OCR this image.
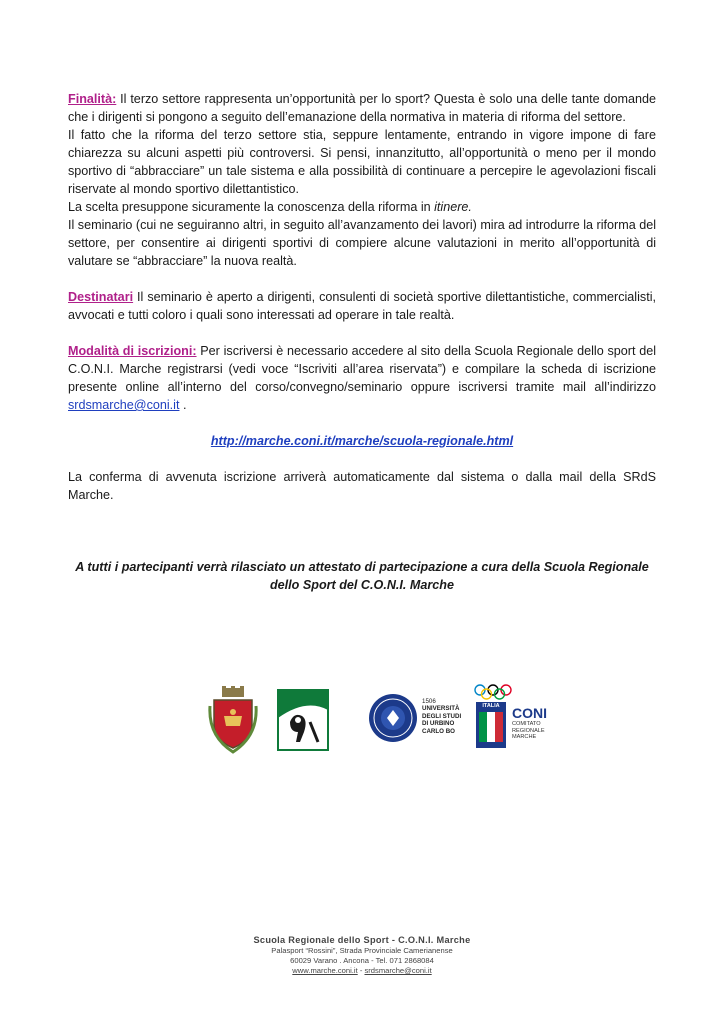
Finalità: Il terzo settore rappresenta un’opportunità per lo sport? Questa è solo una delle tante domande che i dirigenti si pongono a seguito dell’emanazione della normativa in materia di riforma del settore.

Il fatto che la riforma del terzo settore stia, seppure lentamente, entrando in vigore impone di fare chiarezza su alcuni aspetti più controversi. Si pensi, innanzitutto, all’opportunità o meno per il mondo sportivo di “abbracciare” un tale sistema e alla possibilità di continuare a percepire le agevolazioni fiscali riservate al mondo sportivo dilettantistico.

La scelta presuppone sicuramente la conoscenza della riforma in itinere.

Il seminario (cui ne seguiranno altri, in seguito all’avanzamento dei lavori) mira ad introdurre la riforma del settore, per consentire ai dirigenti sportivi di compiere alcune valutazioni in merito all’opportunità di valutare se “abbracciare” la nuova realtà.

Destinatari Il seminario è aperto a dirigenti, consulenti di società sportive dilettantistiche, commercialisti, avvocati e tutti coloro i quali sono interessati ad operare in tale realtà.

Modalità di iscrizioni: Per iscriversi è necessario accedere al sito della Scuola Regionale dello sport del C.O.N.I. Marche registrarsi (vedi voce “Iscriviti all’area riservata”) e compilare la scheda di iscrizione presente online all’interno del corso/convegno/seminario oppure iscriversi tramite mail all’indirizzo srdsmarche@coni.it .

http://marche.coni.it/marche/scuola-regionale.html

La conferma di avvenuta iscrizione arriverà automaticamente dal sistema o dalla mail della SRdS Marche.

A tutti i partecipanti verrà rilasciato un attestato di partecipazione a cura della Scuola Regionale dello Sport del C.O.N.I. Marche

1506
UNIVERSITÀ
DEGLI STUDI
DI URBINO
CARLO BO
ITALIA CONI
COMITATO
REGIONALE
MARCHE
Scuola Regionale dello Sport - C.O.N.I. Marche
Palasport “Rossini”, Strada Provinciale Camerianense
60029 Varano . Ancona - Tel. 071 2868084
www.marche.coni.it - srdsmarche@coni.it
